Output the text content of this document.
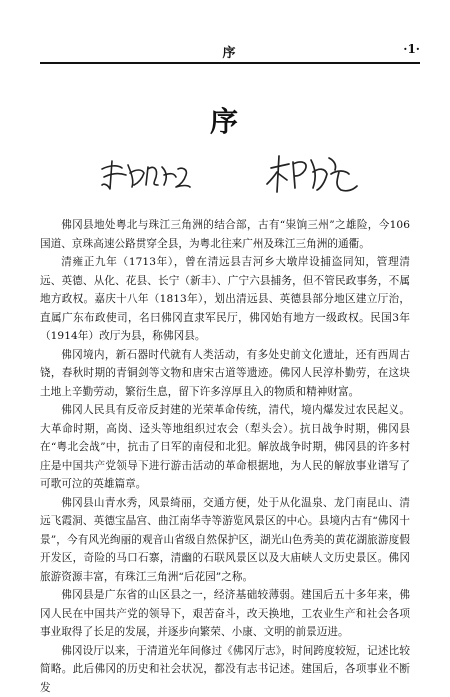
序	·1·
序

佛冈县地处粤北与珠江三角洲的结合部，古有“粜饷三州”之雄险，今106国道、京珠高速公路贯穿全县，为粤北往来广州及珠江三角洲的通衢。

清雍正九年（1713年），曾在清远县吉河乡大墩岸设捕盗同知，管理清远、英德、从化、花县、长宁（新丰）、广宁六县捕务，但不管民政事务，不属地方政权。嘉庆十八年（1813年），划出清远县、英德县部分地区建立厅治，直属广东布政使司，名曰佛冈直隶军民厅，佛冈始有地方一级政权。民国3年（1914年）改厅为县，称佛冈县。

佛冈境内，新石器时代就有人类活动，有多处史前文化遗址，还有西周古铙，春秋时期的青铜剑等文物和唐宋古道等遗迹。佛冈人民淳朴勤劳，在这块土地上辛勤劳动，繁衍生息，留下许多淳厚且入的物质和精神财富。

佛冈人民具有反帝反封建的光荣革命传统，清代，境内爆发过农民起义。大革命时期，高岗、迳头等地组织过农会（犁头会）。抗日战争时期，佛冈县在“粤北会战”中，抗击了日军的南侵和北犯。解放战争时期，佛冈县的许多村庄是中国共产党领导下进行游击活动的革命根据地，为人民的解放事业谱写了可歌可泣的英雄篇章。

佛冈县山青水秀，风景绮丽，交通方便，处于从化温泉、龙门南昆山、清远飞霞洞、英德宝晶宫、曲江南华寺等游览风景区的中心。县境内古有“佛冈十景”，今有风光绚丽的观音山省级自然保护区，湖光山色秀美的黄花湖旅游度假开发区，奇险的马口石寨，清幽的石联风景区以及大庙峡人文历史景区。佛冈旅游资源丰富，有珠江三角洲“后花园”之称。

佛冈县是广东省的山区县之一，经济基础较薄弱。建国后五十多年来，佛冈人民在中国共产党的领导下，艰苦奋斗，改天换地，工农业生产和社会各项事业取得了长足的发展，并逐步向繁荣、小康、文明的前景迈进。

佛冈设厅以来，于清道光年间修过《佛冈厅志》，时间跨度较短，记述比较简略。此后佛冈的历史和社会状况，都没有志书记述。建国后，各项事业不断发
